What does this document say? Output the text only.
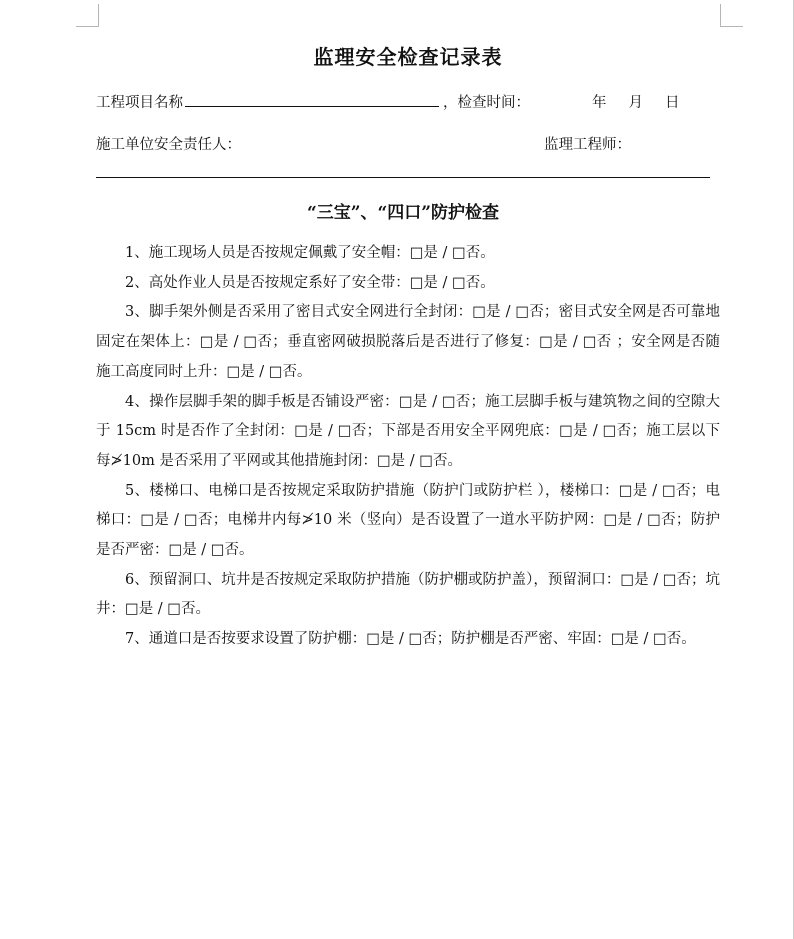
监理安全检查记录表
工程项目名称	，检查时间：	年 月 日
施工单位安全责任人：	监理工程师：
“三宝”、“四口”防护检查

1、施工现场人员是否按规定佩戴了安全帽：□是 / □否。

2、高处作业人员是否按规定系好了安全带：□是 / □否。

3、脚手架外侧是否采用了密目式安全网进行全封闭：□是 / □否；密目式安全网是否可靠地固定在架体上：□是 / □否；垂直密网破损脱落后是否进行了修复：□是 / □否 ；安全网是否随施工高度同时上升：□是 / □否。

4、操作层脚手架的脚手板是否铺设严密：□是 / □否；施工层脚手板与建筑物之间的空隙大于 15cm 时是否作了全封闭：□是 / □否；下部是否用安全平网兜底：□是 / □否；施工层以下每≯10m 是否采用了平网或其他措施封闭：□是 / □否。

5、楼梯口、电梯口是否按规定采取防护措施（防护门或防护栏 ），楼梯口：□是 / □否；电梯口：□是 / □否；电梯井内每≯10 米（竖向）是否设置了一道水平防护网：□是 / □否；防护是否严密：□是 / □否。

6、预留洞口、坑井是否按规定采取防护措施（防护棚或防护盖），预留洞口：□是 / □否；坑井：□是 / □否。

7、通道口是否按要求设置了防护棚：□是 / □否；防护棚是否严密、牢固：□是 / □否。
